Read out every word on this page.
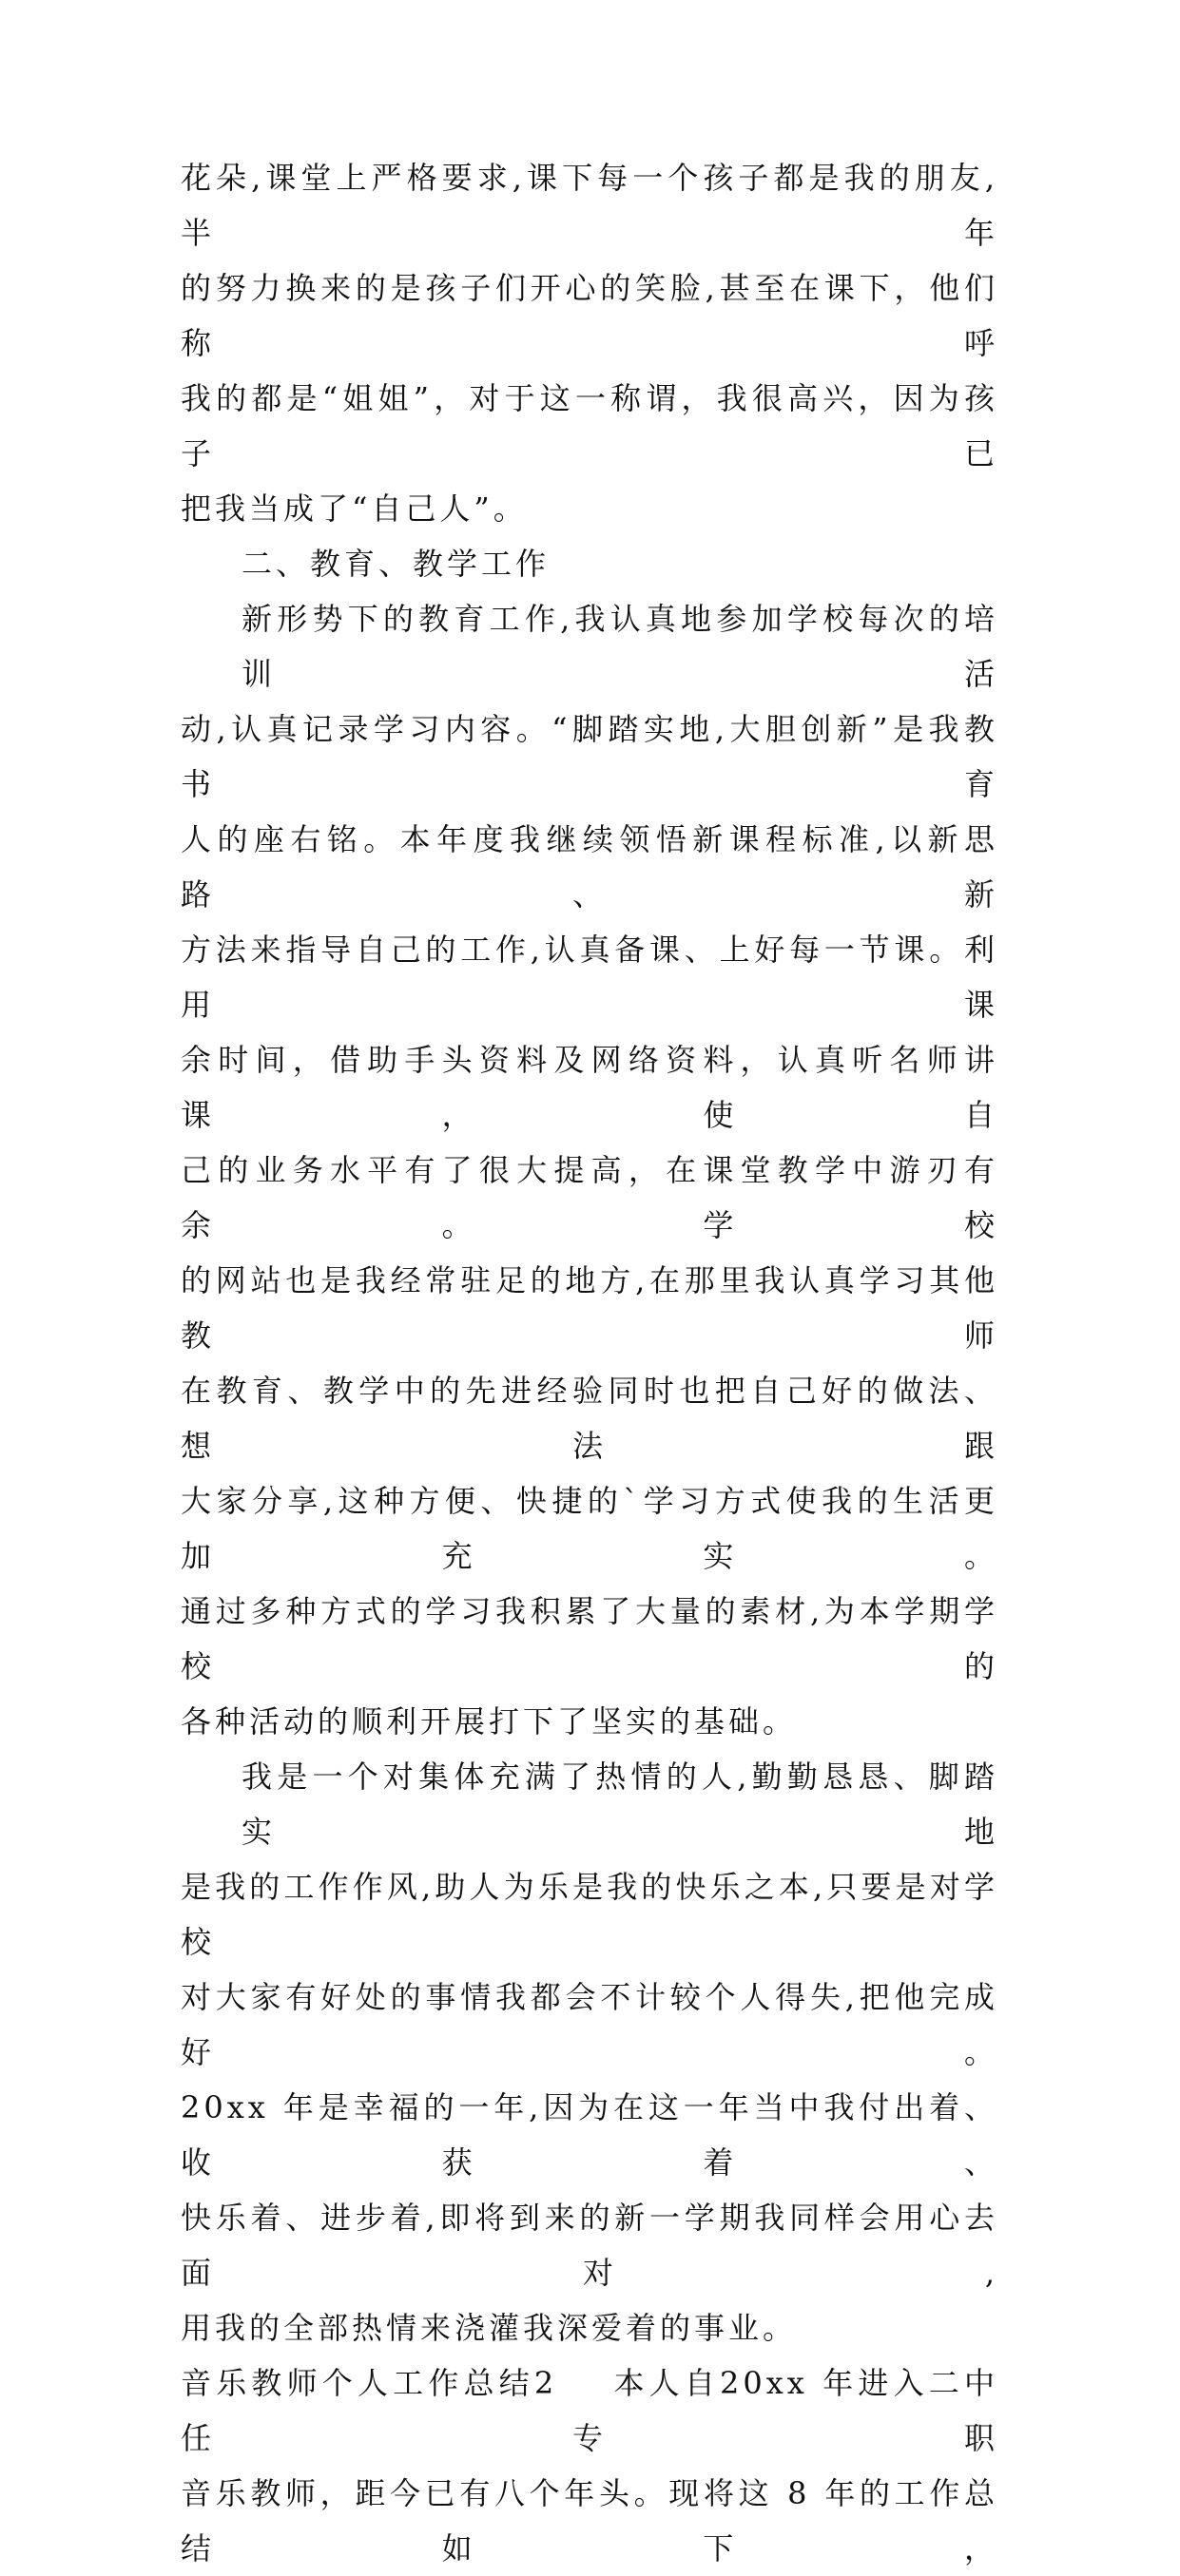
花朵,课堂上严格要求,课下每一个孩子都是我的朋友,半年
的努力换来的是孩子们开心的笑脸,甚至在课下，他们称呼
我的都是“姐姐”，对于这一称谓，我很高兴，因为孩子已
把我当成了“自己人”。

二、教育、教学工作

新形势下的教育工作,我认真地参加学校每次的培训活
动,认真记录学习内容。“脚踏实地,大胆创新”是我教书育
人的座右铭。本年度我继续领悟新课程标准,以新思路、新
方法来指导自己的工作,认真备课、上好每一节课。利用课
余时间，借助手头资料及网络资料，认真听名师讲课，使自
己的业务水平有了很大提高，在课堂教学中游刃有余。学校
的网站也是我经常驻足的地方,在那里我认真学习其他教师
在教育、教学中的先进经验同时也把自己好的做法、想法跟
大家分享,这种方便、快捷的`学习方式使我的生活更加充实。
通过多种方式的学习我积累了大量的素材,为本学期学校的
各种活动的顺利开展打下了坚实的基础。

我是一个对集体充满了热情的人,勤勤恳恳、脚踏实地
是我的工作作风,助人为乐是我的快乐之本,只要是对学校
对大家有好处的事情我都会不计较个人得失,把他完成好。
20xx 年是幸福的一年,因为在这一年当中我付出着、收获着、
快乐着、进步着,即将到来的新一学期我同样会用心去面对,
用我的全部热情来浇灌我深爱着的事业。

音乐教师个人工作总结2 本人自20xx 年进入二中任专职
音乐教师，距今已有八个年头。现将这 8 年的工作总结如下，
